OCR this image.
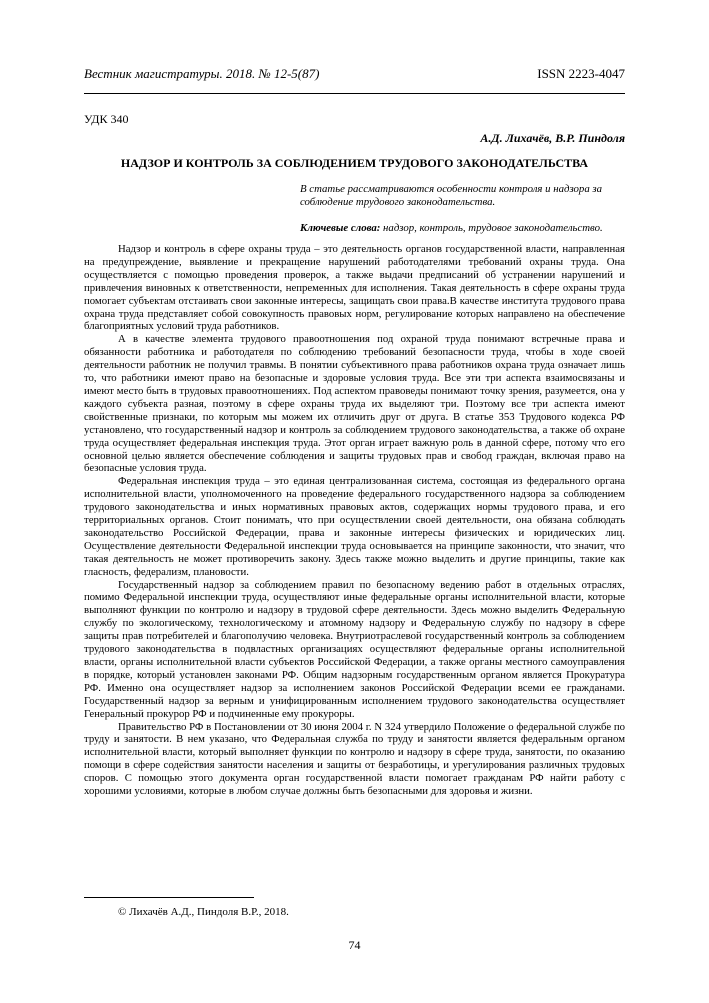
Вестник магистратуры. 2018. № 12-5(87)	ISSN 2223-4047
УДК 340
А.Д. Лихачёв, В.Р. Пиндоля
НАДЗОР И КОНТРОЛЬ ЗА СОБЛЮДЕНИЕМ ТРУДОВОГО ЗАКОНОДАТЕЛЬСТВА
В статье рассматриваются особенности контроля и надзора за соблюдение трудового законодательства.
Ключевые слова: надзор, контроль, трудовое законодательство.

Надзор и контроль в сфере охраны труда – это деятельность органов государственной власти, направленная на предупреждение, выявление и прекращение нарушений работодателями требований охраны труда. Она осуществляется с помощью проведения проверок, а также выдачи предписаний об устранении нарушений и привлечения виновных к ответственности, непременных для исполнения. Такая деятельность в сфере охраны труда помогает субъектам отстаивать свои законные интересы, защищать свои права.В качестве института трудового права охрана труда представляет собой совокупность правовых норм, регулирование которых направлено на обеспечение благоприятных условий труда работников.

А в качестве элемента трудового правоотношения под охраной труда понимают встречные права и обязанности работника и работодателя по соблюдению требований безопасности труда, чтобы в ходе своей деятельности работник не получил травмы. В понятии субъективного права работников охрана труда означает лишь то, что работники имеют право на безопасные и здоровые условия труда. Все эти три аспекта взаимосвязаны и имеют место быть в трудовых правоотношениях. Под аспектом правоведы понимают точку зрения, разумеется, она у каждого субъекта разная, поэтому в сфере охраны труда их выделяют три. Поэтому все три аспекта имеют свойственные признаки, по которым мы можем их отличить друг от друга. В статье 353 Трудового кодекса РФ установлено, что государственный надзор и контроль за соблюдением трудового законодательства, а также об охране труда осуществляет федеральная инспекция труда. Этот орган играет важную роль в данной сфере, потому что его основной целью является обеспечение соблюдения и защиты трудовых прав и свобод граждан, включая право на безопасные условия труда.

Федеральная инспекция труда – это единая централизованная система, состоящая из федерального органа исполнительной власти, уполномоченного на проведение федерального государственного надзора за соблюдением трудового законодательства и иных нормативных правовых актов, содержащих нормы трудового права, и его территориальных органов. Стоит понимать, что при осуществлении своей деятельности, она обязана соблюдать законодательство Российской Федерации, права и законные интересы физических и юридических лиц. Осуществление деятельности Федеральной инспекции труда основывается на принципе законности, что значит, что такая деятельность не может противоречить закону. Здесь также можно выделить и другие принципы, такие как гласность, федерализм, плановости.

Государственный надзор за соблюдением правил по безопасному ведению работ в отдельных отраслях, помимо Федеральной инспекции труда, осуществляют иные федеральные органы исполнительной власти, которые выполняют функции по контролю и надзору в трудовой сфере деятельности. Здесь можно выделить Федеральную службу по экологическому, технологическому и атомному надзору и Федеральную службу по надзору в сфере защиты прав потребителей и благополучию человека. Внутриотраслевой государственный контроль за соблюдением трудового законодательства в подвластных организациях осуществляют федеральные органы исполнительной власти, органы исполнительной власти субъектов Российской Федерации, а также органы местного самоуправления в порядке, который установлен законами РФ. Общим надзорным государственным органом является Прокуратура РФ. Именно она осуществляет надзор за исполнением законов Российской Федерации всеми ее гражданами. Государственный надзор за верным и унифицированным исполнением трудового законодательства осуществляет Генеральный прокурор РФ и подчиненные ему прокуроры.

Правительство РФ в Постановлении от 30 июня 2004 г. N 324 утвердило Положение о федеральной службе по труду и занятости. В нем указано, что Федеральная служба по труду и занятости является федеральным органом исполнительной власти, который выполняет функции по контролю и надзору в сфере труда, занятости, по оказанию помощи в сфере содействия занятости населения и защиты от безработицы, и урегулирования различных трудовых споров. С помощью этого документа орган государственной власти помогает гражданам РФ найти работу с хорошими условиями, которые в любом случае должны быть безопасными для здоровья и жизни.

© Лихачёв А.Д., Пиндоля В.Р., 2018.
74
